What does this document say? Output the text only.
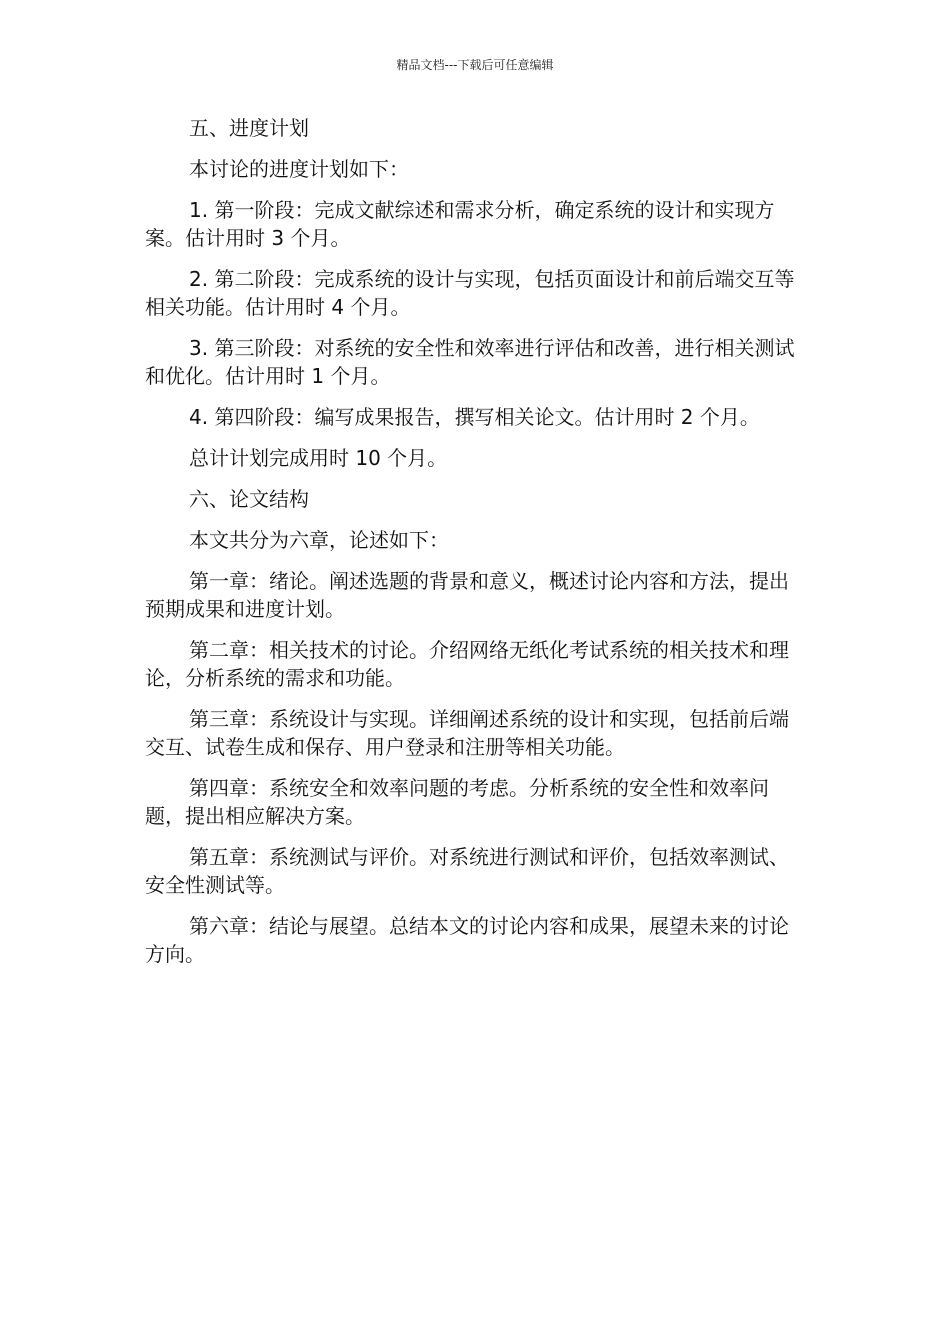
精品文档---下载后可任意编辑

五、进度计划

本讨论的进度计划如下：

1. 第一阶段：完成文献综述和需求分析，确定系统的设计和实现方案。估计用时 3 个月。

2. 第二阶段：完成系统的设计与实现，包括页面设计和前后端交互等相关功能。估计用时 4 个月。

3. 第三阶段：对系统的安全性和效率进行评估和改善，进行相关测试和优化。估计用时 1 个月。

4. 第四阶段：编写成果报告，撰写相关论文。估计用时 2 个月。

总计计划完成用时 10 个月。

六、论文结构

本文共分为六章，论述如下：

第一章：绪论。阐述选题的背景和意义，概述讨论内容和方法，提出预期成果和进度计划。

第二章：相关技术的讨论。介绍网络无纸化考试系统的相关技术和理论，分析系统的需求和功能。

第三章：系统设计与实现。详细阐述系统的设计和实现，包括前后端交互、试卷生成和保存、用户登录和注册等相关功能。

第四章：系统安全和效率问题的考虑。分析系统的安全性和效率问题，提出相应解决方案。

第五章：系统测试与评价。对系统进行测试和评价，包括效率测试、安全性测试等。

第六章：结论与展望。总结本文的讨论内容和成果，展望未来的讨论方向。
